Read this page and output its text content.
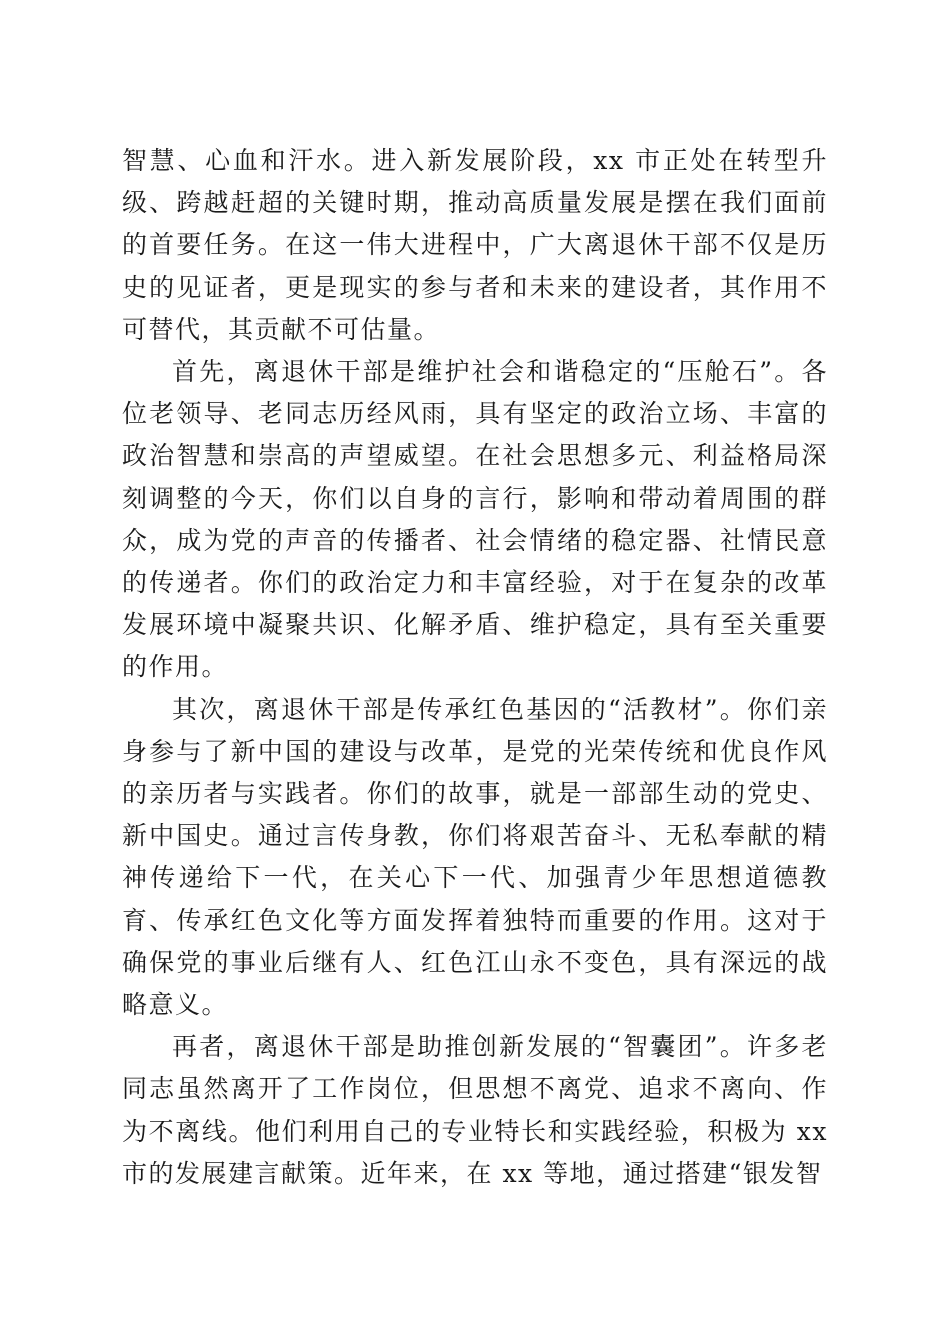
智慧、心血和汗水。进入新发展阶段，xx 市正处在转型升级、跨越赶超的关键时期，推动高质量发展是摆在我们面前的首要任务。在这一伟大进程中，广大离退休干部不仅是历史的见证者，更是现实的参与者和未来的建设者，其作用不可替代，其贡献不可估量。

首先，离退休干部是维护社会和谐稳定的“压舱石”。各位老领导、老同志历经风雨，具有坚定的政治立场、丰富的政治智慧和崇高的声望威望。在社会思想多元、利益格局深刻调整的今天，你们以自身的言行，影响和带动着周围的群众，成为党的声音的传播者、社会情绪的稳定器、社情民意的传递者。你们的政治定力和丰富经验，对于在复杂的改革发展环境中凝聚共识、化解矛盾、维护稳定，具有至关重要的作用。

其次，离退休干部是传承红色基因的“活教材”。你们亲身参与了新中国的建设与改革，是党的光荣传统和优良作风的亲历者与实践者。你们的故事，就是一部部生动的党史、新中国史。通过言传身教，你们将艰苦奋斗、无私奉献的精神传递给下一代，在关心下一代、加强青少年思想道德教育、传承红色文化等方面发挥着独特而重要的作用。这对于确保党的事业后继有人、红色江山永不变色，具有深远的战略意义。

再者，离退休干部是助推创新发展的“智囊团”。许多老同志虽然离开了工作岗位，但思想不离党、追求不离向、作为不离线。他们利用自己的专业特长和实践经验，积极为 xx 市的发展建言献策。近年来，在 xx 等地，通过搭建“银发智
